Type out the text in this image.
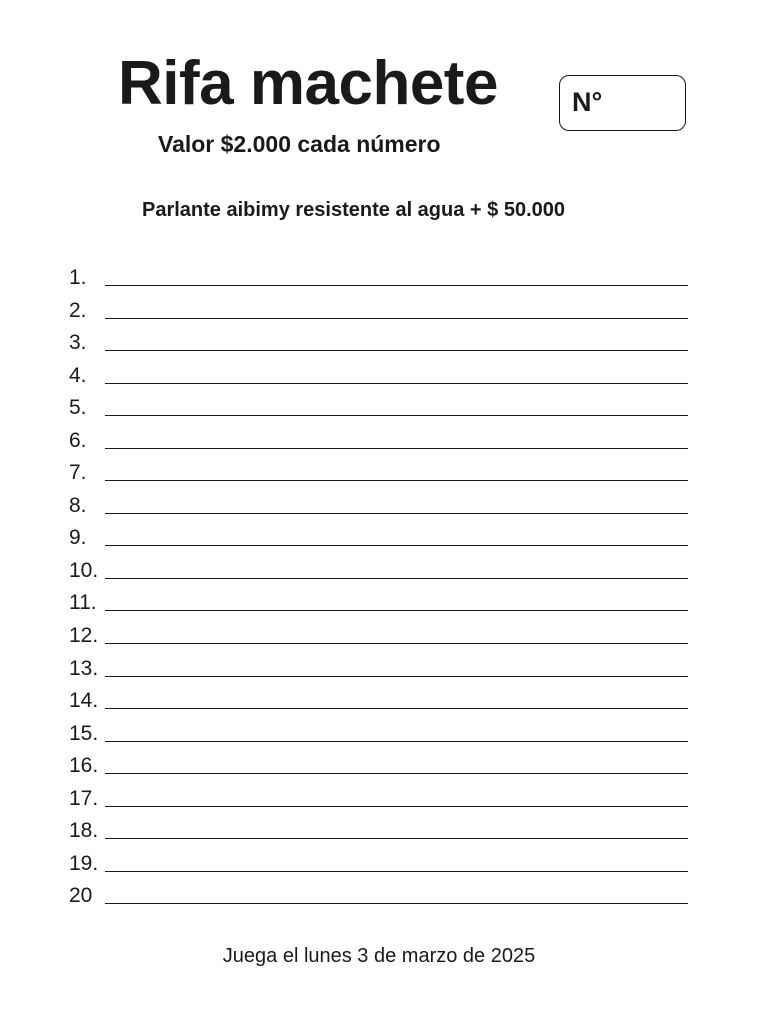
Rifa machete	N°
Valor $2.000 cada número
Parlante aibimy resistente al agua + $ 50.000
1.
2.
3.
4.
5.
6.
7.
8.
9.
10.
11.
12.
13.
14.
15.
16.
17.
18.
19.
20
Juega el lunes 3 de marzo de 2025
